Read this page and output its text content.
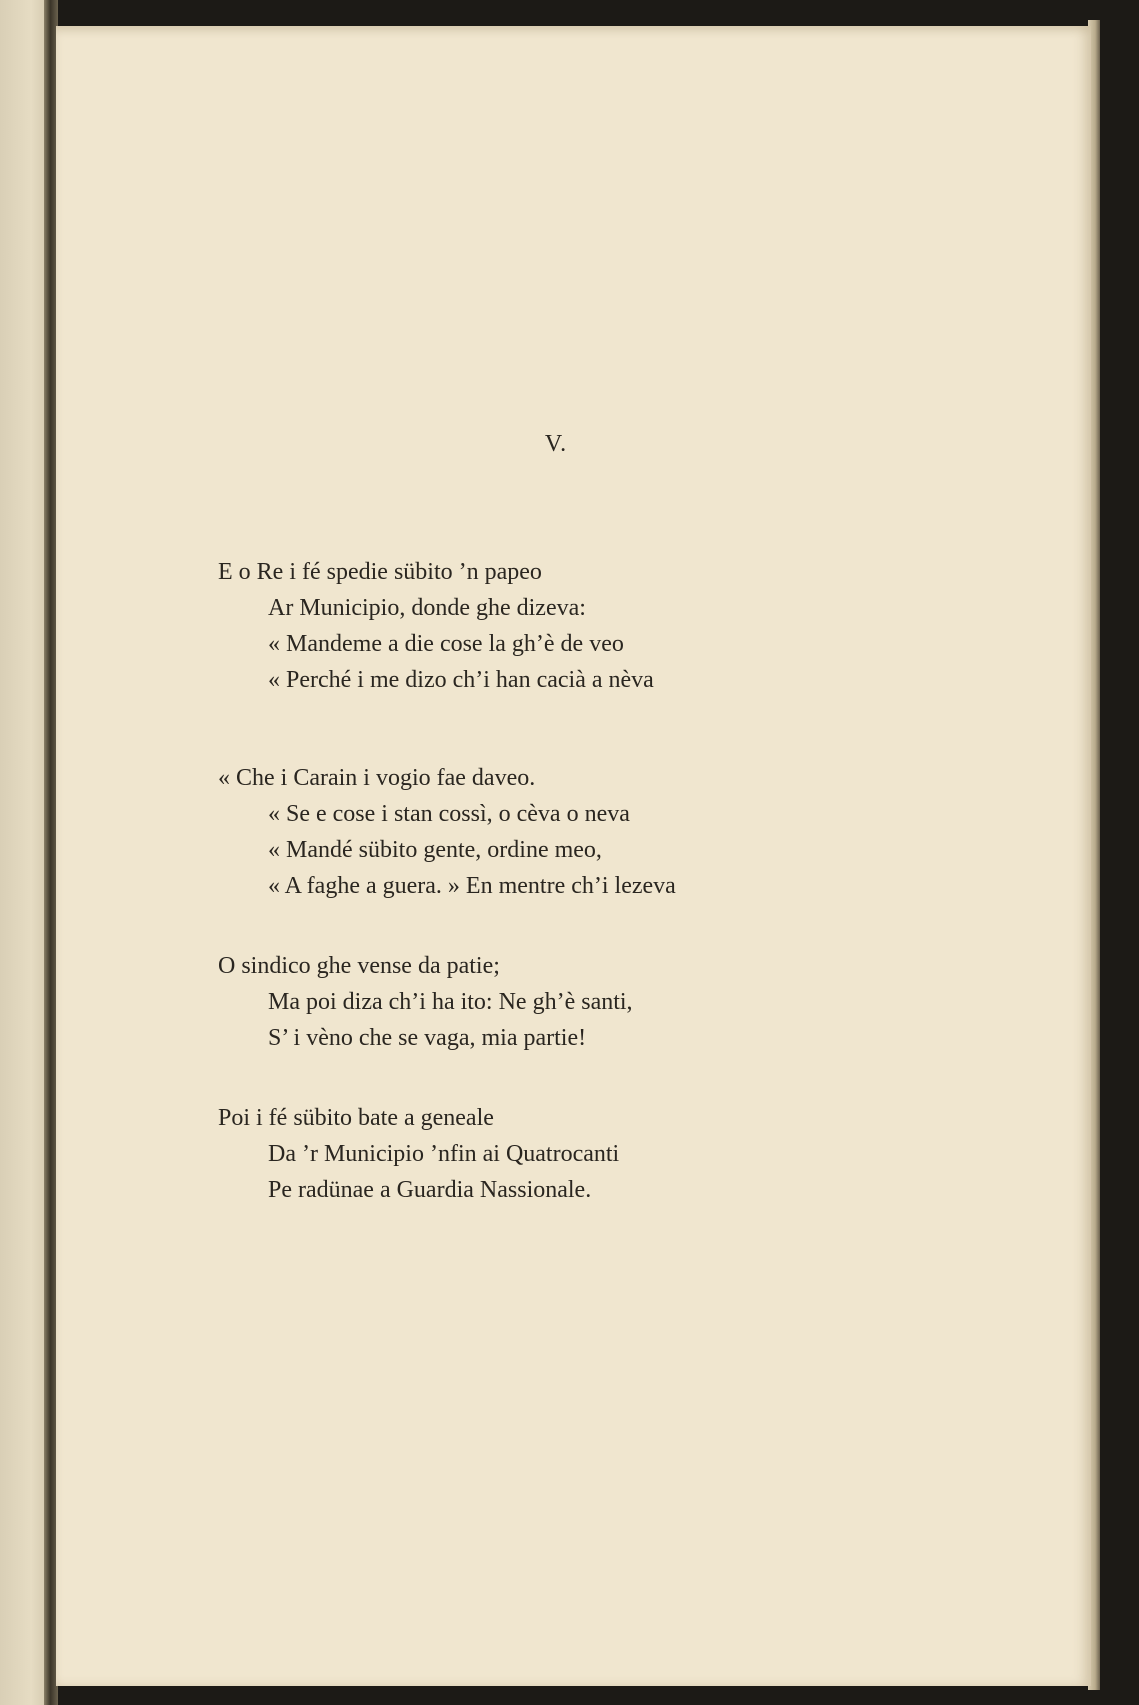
V.
E o Re i fé spedie sübito ’n papeo
Ar Municipio, donde ghe dizeva:
« Mandeme a die cose la gh’è de veo
« Perché i me dizo ch’i han cacià a nèva
« Che i Carain i vogio fae daveo.
« Se e cose i stan cossì, o cèva o neva
« Mandé sübito gente, ordine meo,
« A faghe a guera. » En mentre ch’i lezeva
O sindico ghe vense da patie;
Ma poi diza ch’i ha ito: Ne gh’è santi,
S’ i vèno che se vaga, mia partie!
Poi i fé sübito bate a geneale
Da ’r Municipio ’nfin ai Quatrocanti
Pe radünae a Guardia Nassionale.
